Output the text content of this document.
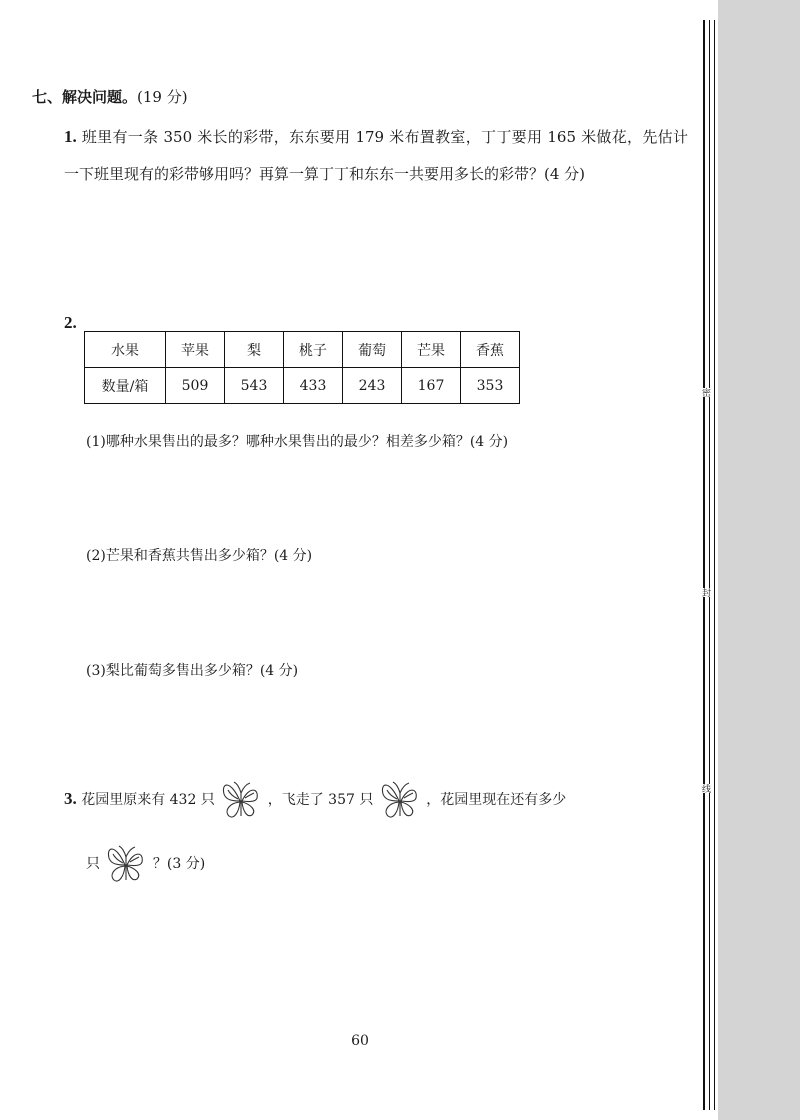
密
封
线
七、解决问题。(19 分)
1. 班里有一条 350 米长的彩带，东东要用 179 米布置教室，丁丁要用 165 米做花，先估计一下班里现有的彩带够用吗？再算一算丁丁和东东一共要用多长的彩带？(4 分)
2.
水果	苹果	梨	桃子	葡萄	芒果	香蕉
数量/箱	509	543	433	243	167	353
(1)哪种水果售出的最多？哪种水果售出的最少？相差多少箱？(4 分)
(2)芒果和香蕉共售出多少箱？(4 分)
(3)梨比葡萄多售出多少箱？(4 分)
3. 花园里原来有 432 只	，飞走了 357 只	，花园里现在还有多少
只	？(3 分)
60
